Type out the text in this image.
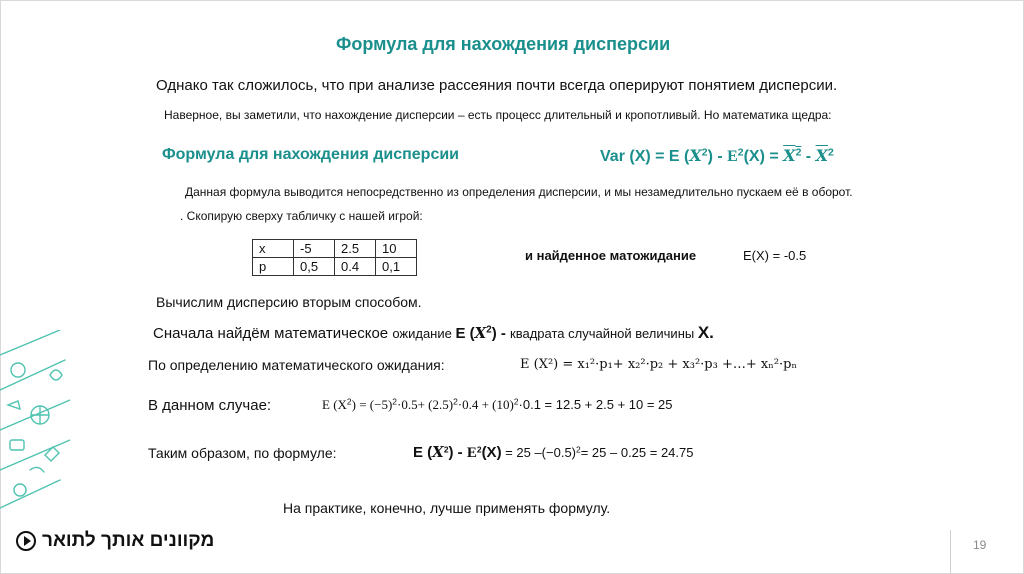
Формула для нахождения дисперсии
Однако так сложилось, что при анализе рассеяния почти всегда оперируют понятием дисперсии.
Наверное, вы заметили, что нахождение дисперсии – есть процесс длительный и кропотливый. Но математика щедра:
Формула для нахождения дисперсии	Var (X) = E $(X^2) - E^2(X) = \overline{X}^2 - \overline{X}^2$
Данная формула выводится непосредственно из определения дисперсии, и мы незамедлительно пускаем её в оборот.
. Скопирую сверху табличку с нашей игрой:
x	-5	2.5	10
p	0,5	0.4	0,1
и найденное матожидание	E(X) = -0.5
Вычислим дисперсию вторым способом.
Сначала найдём математическое ожидание E $(X^2)$ - квадрата случайной величины X.
По определению математического ожидания:	E (X²) = x₁²·p₁+ x₂²·p₂ + x₃²·p₃ +…+ xₙ²·pₙ
В данном случае:	E $(X^2) = (-5)^2\cdot 0.5+ (2.5)^2\cdot 0.4 + (10)^2\cdot 0.1 = 12.5 + 2.5 + 10 = 25$
Таким образом, по формуле:	E $(X^2) - E^2(X) = 25$ $-(-0.5)^2= 25 - 0.25 = 24.75$
На практике, конечно, лучше применять формулу.
מקוונים אותך לתואר	19
